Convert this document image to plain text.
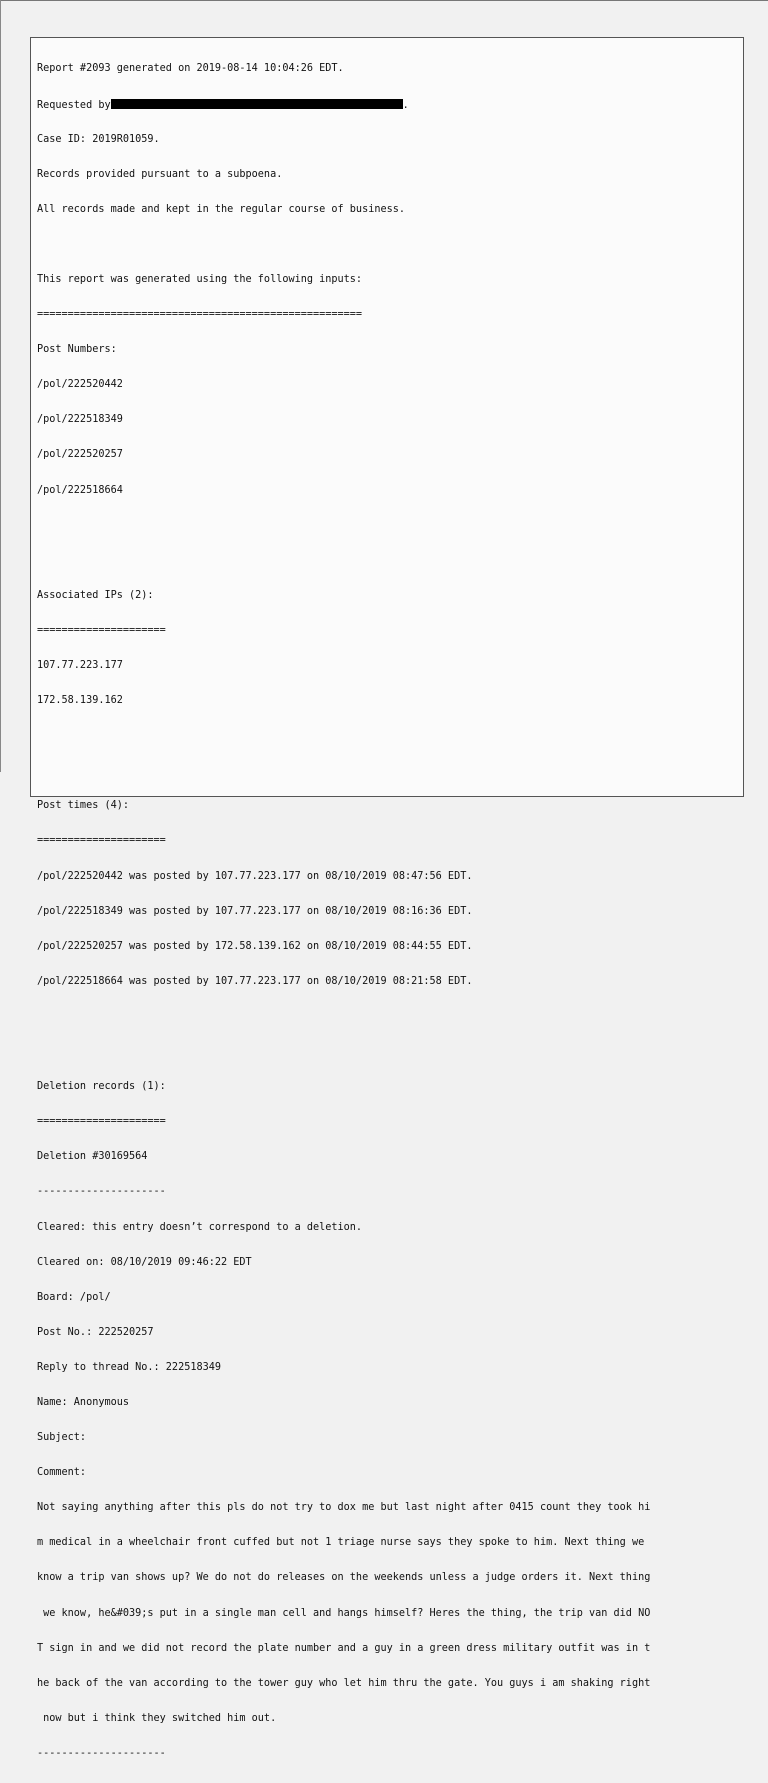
Report #2093 generated on 2019-08-14 10:04:26 EDT.

Requested by	.

Case ID: 2019R01059.

Records provided pursuant to a subpoena.

All records made and kept in the regular course of business.

This report was generated using the following inputs:

=====================================================

Post Numbers:

/pol/222520442

/pol/222518349

/pol/222520257

/pol/222518664

Associated IPs (2):

=====================

107.77.223.177

172.58.139.162

Post times (4):

=====================

/pol/222520442 was posted by 107.77.223.177 on 08/10/2019 08:47:56 EDT.

/pol/222518349 was posted by 107.77.223.177 on 08/10/2019 08:16:36 EDT.

/pol/222520257 was posted by 172.58.139.162 on 08/10/2019 08:44:55 EDT.

/pol/222518664 was posted by 107.77.223.177 on 08/10/2019 08:21:58 EDT.

Deletion records (1):

=====================

Deletion #30169564

---------------------

Cleared: this entry doesn’t correspond to a deletion.

Cleared on: 08/10/2019 09:46:22 EDT

Board: /pol/

Post No.: 222520257

Reply to thread No.: 222518349

Name: Anonymous

Subject:

Comment:

Not saying anything after this pls do not try to dox me but last night after 0415 count they took hi

m medical in a wheelchair front cuffed but not 1 triage nurse says they spoke to him. Next thing we

know a trip van shows up? We do not do releases on the weekends unless a judge orders it. Next thing

we know, he&#039;s put in a single man cell and hangs himself? Heres the thing, the trip van did NO

T sign in and we did not record the plate number and a guy in a green dress military outfit was in t

he back of the van according to the tower guy who let him thru the gate. You guys i am shaking right

now but i think they switched him out.

---------------------
